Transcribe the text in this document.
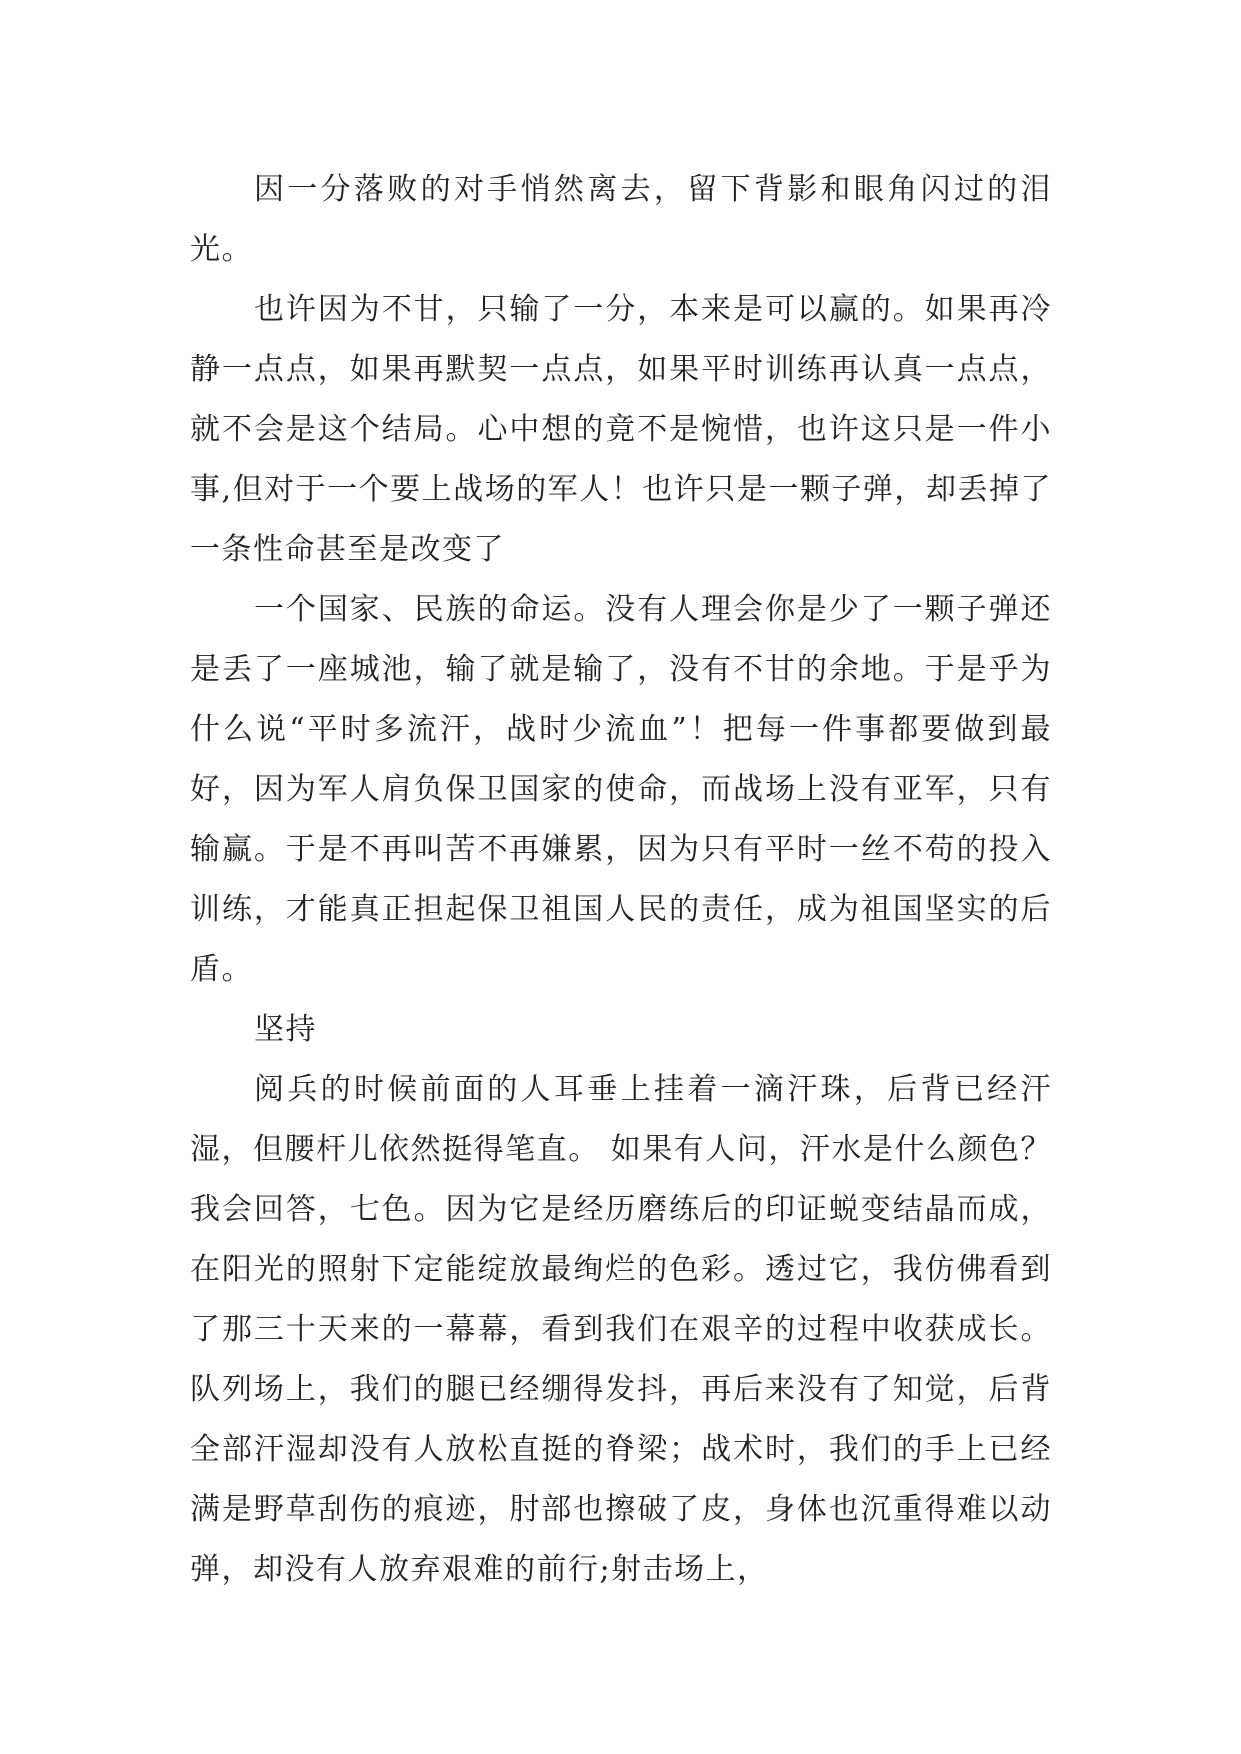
因一分落败的对手悄然离去，留下背影和眼角闪过的泪光。

也许因为不甘，只输了一分，本来是可以赢的。如果再冷静一点点，如果再默契一点点，如果平时训练再认真一点点，就不会是这个结局。心中想的竟不是惋惜，也许这只是一件小事,但对于一个要上战场的军人！也许只是一颗子弹，却丢掉了一条性命甚至是改变了

一个国家、民族的命运。没有人理会你是少了一颗子弹还是丢了一座城池，输了就是输了，没有不甘的余地。于是乎为什么说“平时多流汗，战时少流血”！把每一件事都要做到最好，因为军人肩负保卫国家的使命，而战场上没有亚军，只有输赢。于是不再叫苦不再嫌累，因为只有平时一丝不苟的投入训练，才能真正担起保卫祖国人民的责任，成为祖国坚实的后盾。

坚持

阅兵的时候前面的人耳垂上挂着一滴汗珠，后背已经汗湿，但腰杆儿依然挺得笔直。 如果有人问，汗水是什么颜色？我会回答，七色。因为它是经历磨练后的印证蜕变结晶而成，在阳光的照射下定能绽放最绚烂的色彩。透过它，我仿佛看到了那三十天来的一幕幕，看到我们在艰辛的过程中收获成长。队列场上，我们的腿已经绷得发抖，再后来没有了知觉，后背全部汗湿却没有人放松直挺的脊梁；战术时，我们的手上已经满是野草刮伤的痕迹，肘部也擦破了皮，身体也沉重得难以动弹，却没有人放弃艰难的前行;射击场上，
